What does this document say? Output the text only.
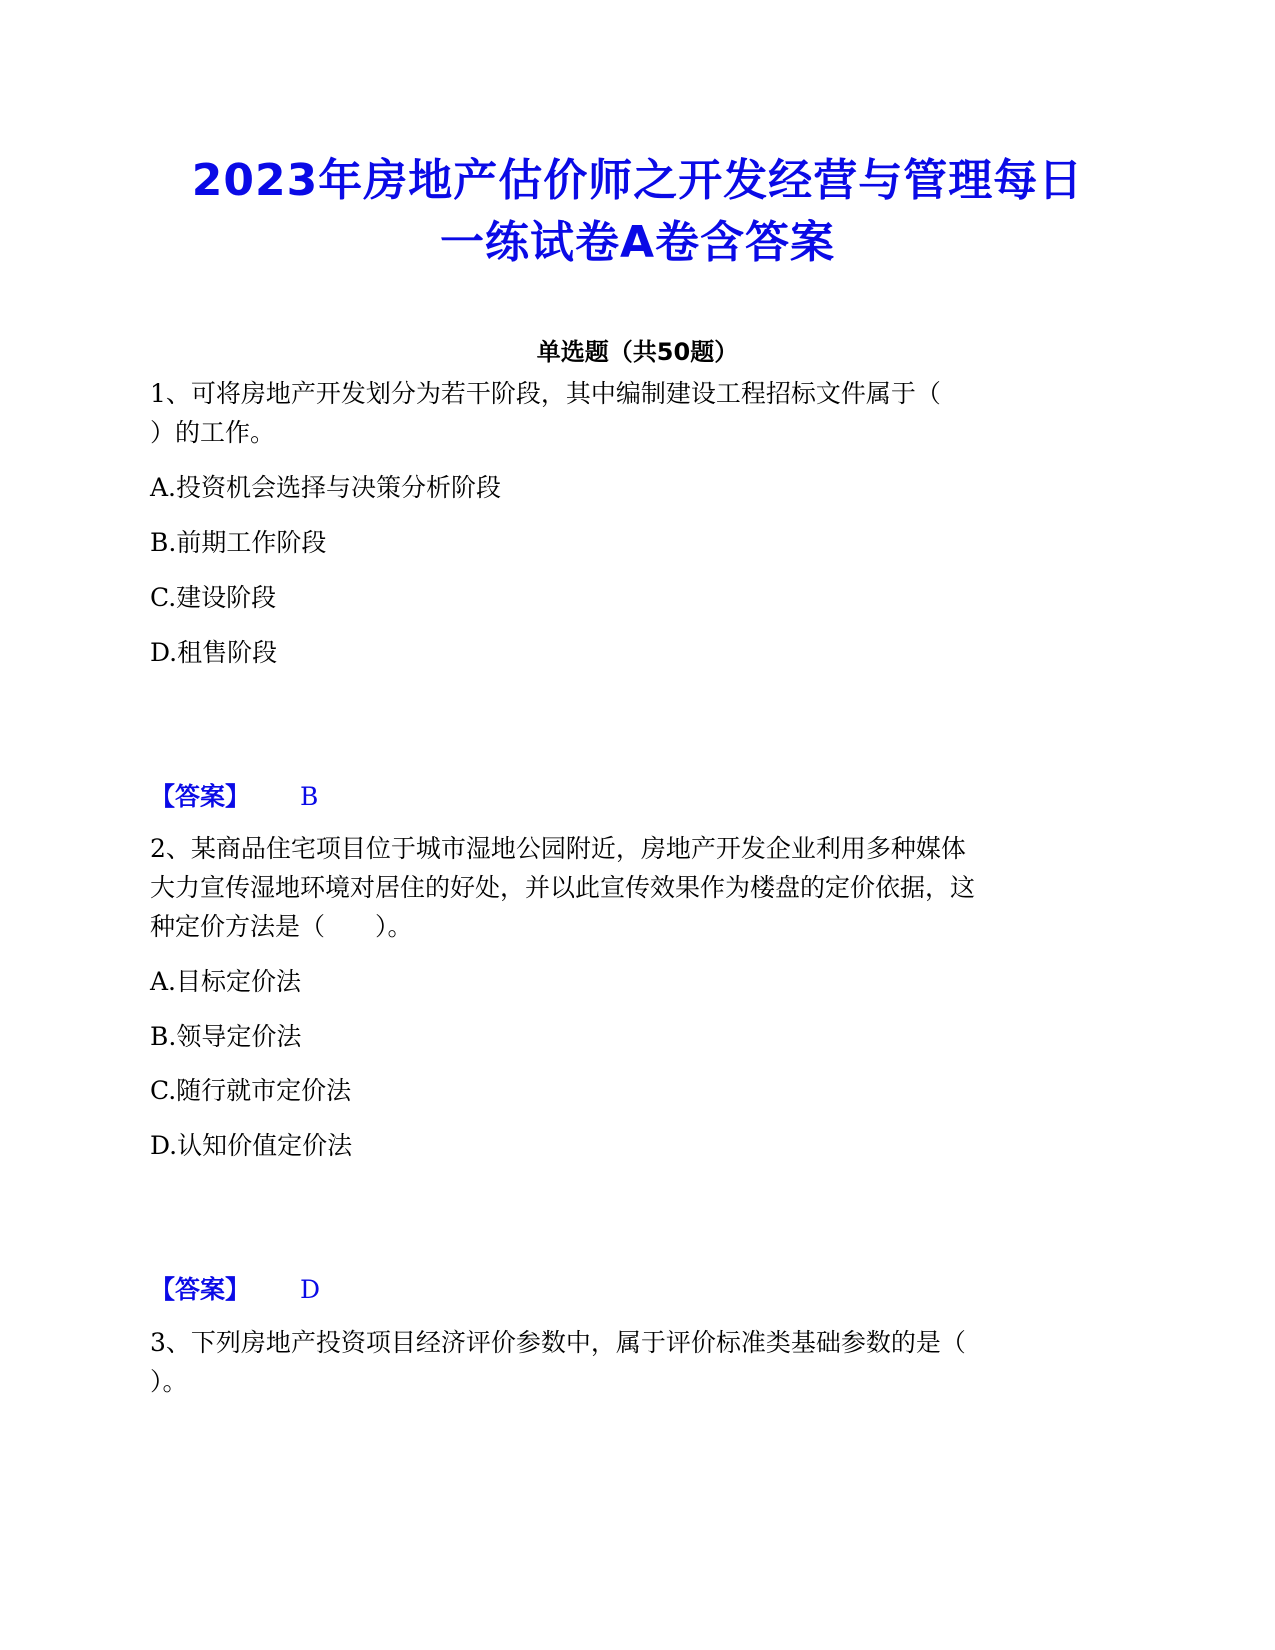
2023年房地产估价师之开发经营与管理每日
一练试卷A卷含答案
单选题（共50题）
1、可将房地产开发划分为若干阶段，其中编制建设工程招标文件属于（
）的工作。
A.投资机会选择与决策分析阶段
B.前期工作阶段
C.建设阶段
D.租售阶段
【答案】 B
2、某商品住宅项目位于城市湿地公园附近，房地产开发企业利用多种媒体
大力宣传湿地环境对居住的好处，并以此宣传效果作为楼盘的定价依据，这
种定价方法是（　　）。
A.目标定价法
B.领导定价法
C.随行就市定价法
D.认知价值定价法
【答案】 D
3、下列房地产投资项目经济评价参数中，属于评价标准类基础参数的是（
）。
